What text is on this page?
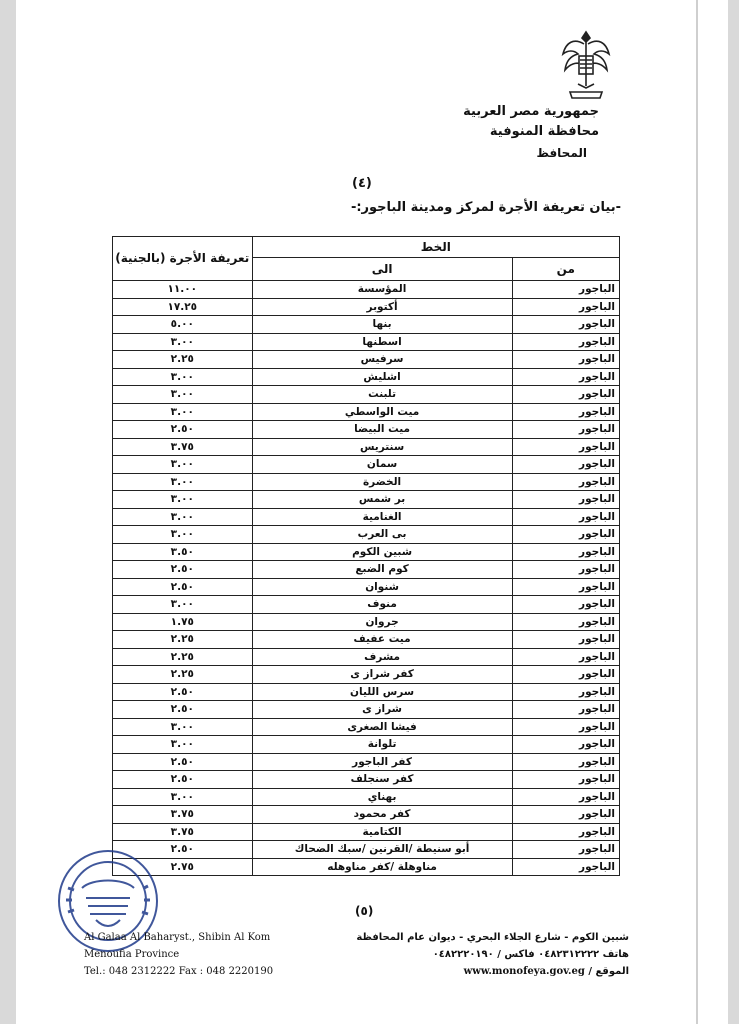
جمهورية مصر العربية
محافظة المنوفية
المحافظ
(٤)
-بيان تعريفة الأجرة لمركز ومدينة الباجور:-
الخط		تعريفة الأجرة (بالجنية)
من	الى	
الباجور	المؤسسة	١١.٠٠
الباجور	أكتوبر	١٧.٢٥
الباجور	بنها	٥.٠٠
الباجور	اسطنها	٣.٠٠
الباجور	سرفيس	٢.٢٥
الباجور	اشليش	٣.٠٠
الباجور	تلبنت	٣.٠٠
الباجور	ميت الواسطي	٣.٠٠
الباجور	ميت البيضا	٢.٥٠
الباجور	سنتريس	٣.٧٥
الباجور	سمان	٣.٠٠
الباجور	الخضرة	٣.٠٠
الباجور	بر شمس	٣.٠٠
الباجور	الغنامية	٣.٠٠
الباجور	بى العرب	٣.٠٠
الباجور	شبين الكوم	٣.٥٠
الباجور	كوم الضبع	٢.٥٠
الباجور	شنوان	٢.٥٠
الباجور	منوف	٣.٠٠
الباجور	جروان	١.٧٥
الباجور	ميت عفيف	٢.٢٥
الباجور	مشرف	٢.٢٥
الباجور	كفر شراز ى	٢.٢٥
الباجور	سرس الليان	٢.٥٠
الباجور	شراز ى	٢.٥٠
الباجور	فيشا الصغرى	٣.٠٠
الباجور	تلوانة	٣.٠٠
الباجور	كفر الباجور	٢.٥٠
الباجور	كفر سنجلف	٢.٥٠
الباجور	بهناي	٣.٠٠
الباجور	كفر محمود	٣.٧٥
الباجور	الكتامية	٣.٧٥
الباجور	أبو سنيطة /القرنين /سبك الضحاك	٢.٥٠
الباجور	مناوهلة /كفر مناوهله	٢.٧٥
(٥)
شبين الكوم - شارع الجلاء البحري - ديوان عام المحافظة
هاتف ٠٤٨٢٣١٢٢٢٢ فاكس / ٠٤٨٢٢٢٠١٩٠
الموقع / www.monofeya.gov.eg
Al Galaa Al Baharyst., Shibin Al Kom
Menoufia Province
Tel.: 048 2312222 Fax : 048 2220190
